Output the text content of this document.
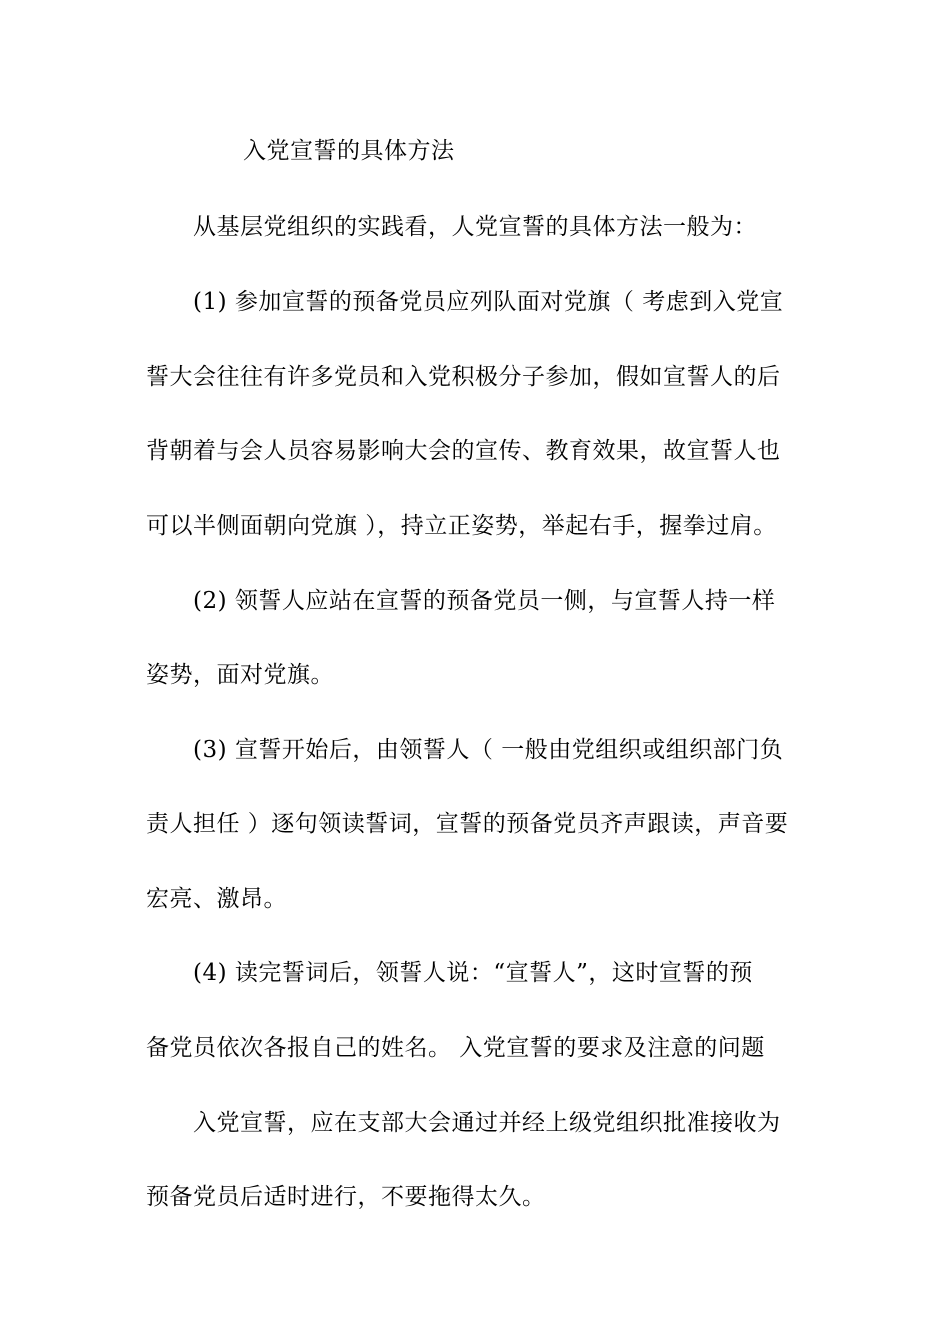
入党宣誓的具体方法
从基层党组织的实践看，人党宣誓的具体方法一般为：
(1) 参加宣誓的预备党员应列队面对党旗（ 考虑到入党宣
誓大会往往有许多党员和入党积极分子参加，假如宣誓人的后
背朝着与会人员容易影响大会的宣传、教育效果，故宣誓人也
可以半侧面朝向党旗 ），持立正姿势，举起右手，握拳过肩。
(2) 领誓人应站在宣誓的预备党员一侧，与宣誓人持一样
姿势，面对党旗。
(3) 宣誓开始后，由领誓人（ 一般由党组织或组织部门负
责人担任 ）逐句领读誓词，宣誓的预备党员齐声跟读，声音要
宏亮、激昂。
(4) 读完誓词后，领誓人说：“宣誓人”，这时宣誓的预
备党员依次各报自己的姓名。 入党宣誓的要求及注意的问题
入党宣誓，应在支部大会通过并经上级党组织批准接收为
预备党员后适时进行，不要拖得太久。
